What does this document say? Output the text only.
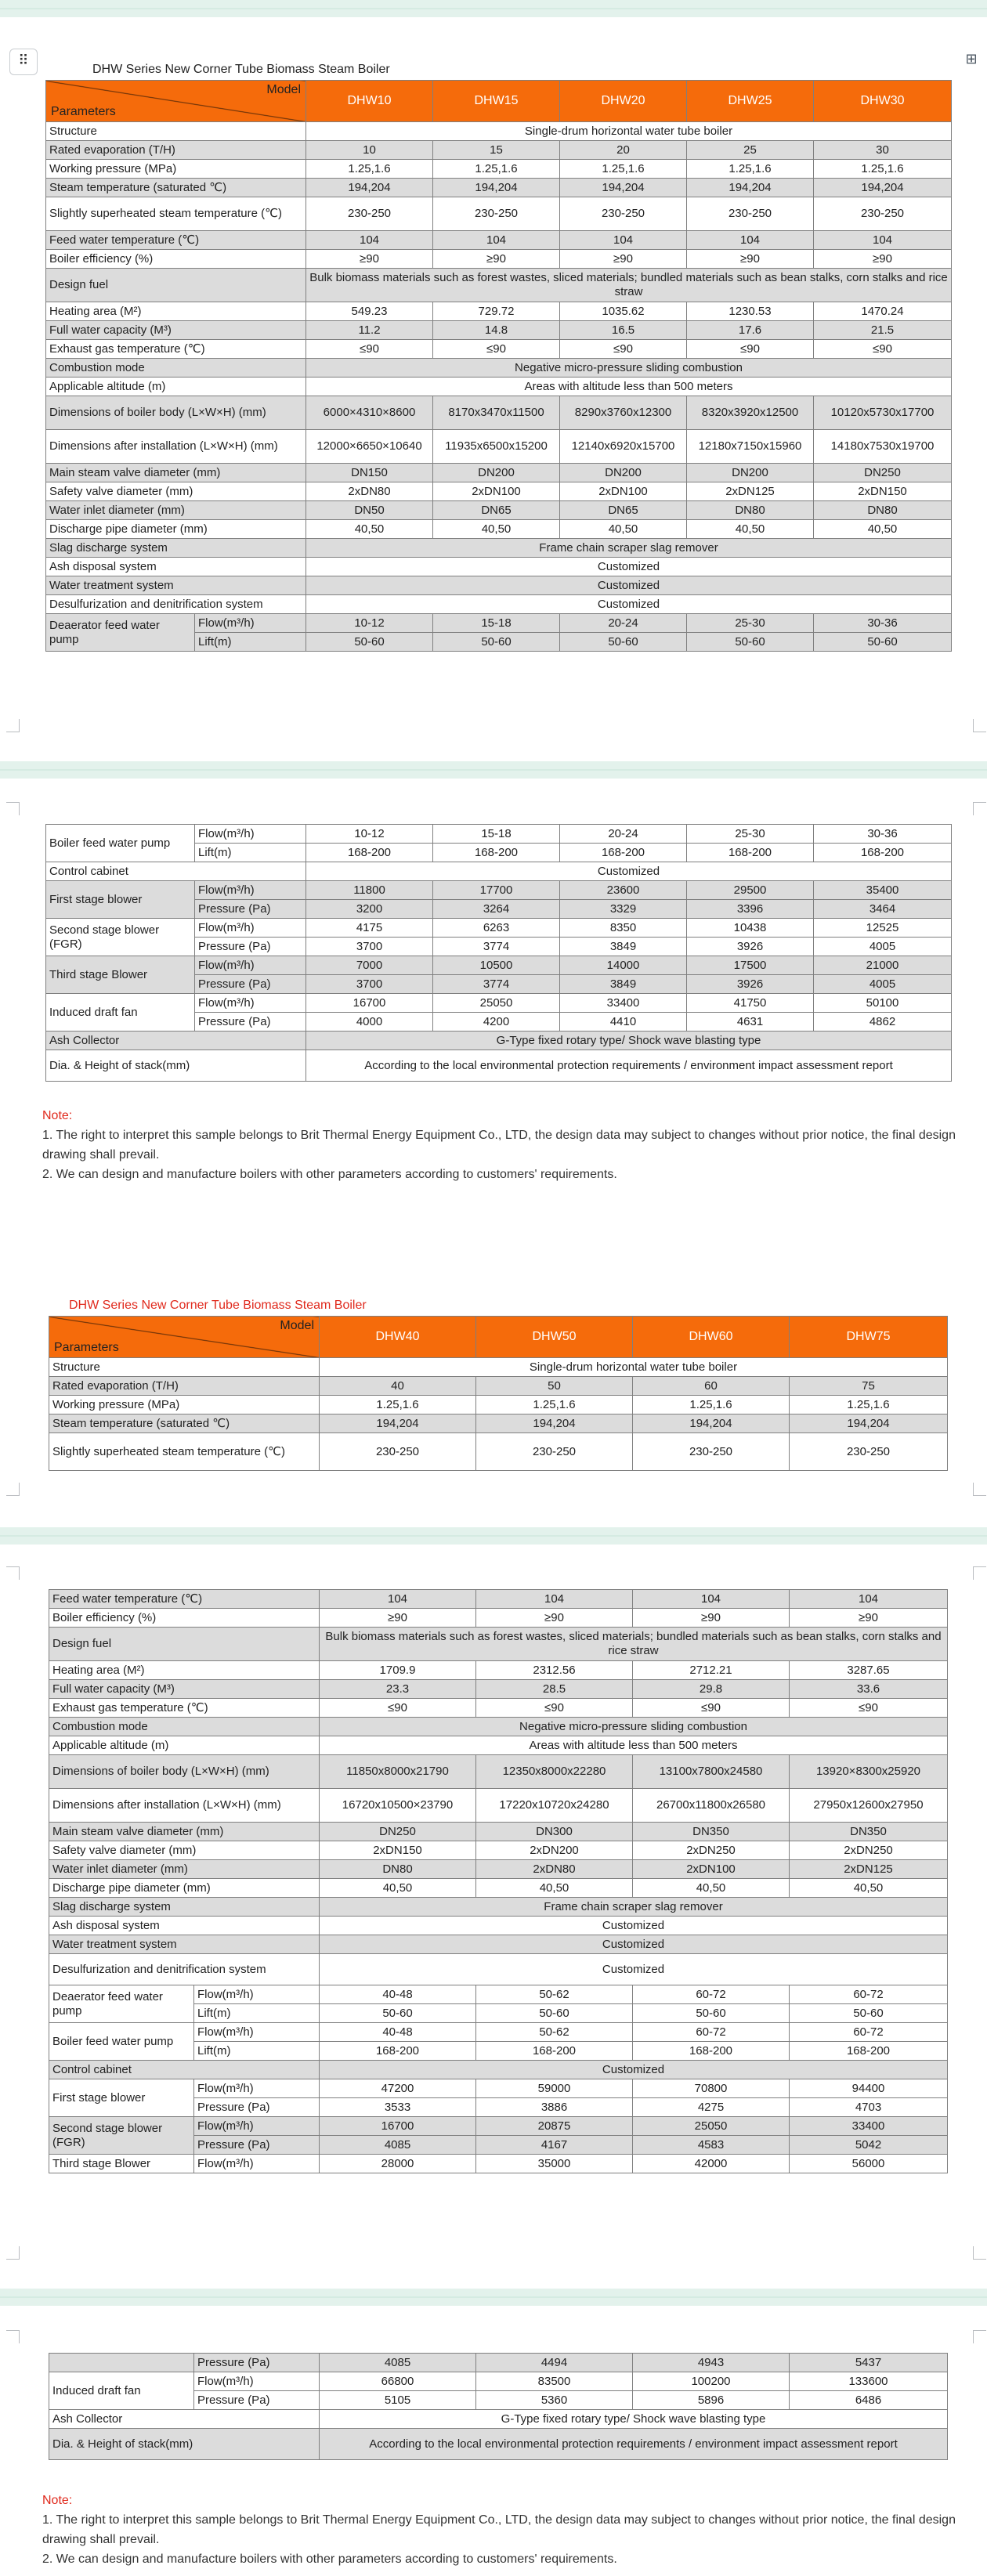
⠿	⊞
DHW Series New Corner Tube Biomass Steam Boiler
Model
Parameters		DHW10	DHW15	DHW20	DHW25	DHW30
Structure		Single-drum horizontal water tube boiler				
Rated evaporation (T/H)		10	15	20	25	30
Working pressure (MPa)		1.25,1.6	1.25,1.6	1.25,1.6	1.25,1.6	1.25,1.6
Steam temperature (saturated ℃)		194,204	194,204	194,204	194,204	194,204
Slightly superheated steam temperature (℃)		230-250	230-250	230-250	230-250	230-250
Feed water temperature (℃)		104	104	104	104	104
Boiler efficiency (%)		≥90	≥90	≥90	≥90	≥90
Design fuel		Bulk biomass materials such as forest wastes, sliced materials; bundled materials such as bean stalks, corn stalks and rice straw				
Heating area (M²)		549.23	729.72	1035.62	1230.53	1470.24
Full water capacity (M³)		11.2	14.8	16.5	17.6	21.5
Exhaust gas temperature (℃)		≤90	≤90	≤90	≤90	≤90
Combustion mode		Negative micro-pressure sliding combustion				
Applicable altitude (m)		Areas with altitude less than 500 meters				
Dimensions of boiler body (L×W×H) (mm)		6000×4310×8600	8170x3470x11500	8290x3760x12300	8320x3920x12500	10120x5730x17700
Dimensions after installation (L×W×H) (mm)		12000×6650×10640	11935x6500x15200	12140x6920x15700	12180x7150x15960	14180x7530x19700
Main steam valve diameter (mm)		DN150	DN200	DN200	DN200	DN250
Safety valve diameter (mm)		2xDN80	2xDN100	2xDN100	2xDN125	2xDN150
Water inlet diameter (mm)		DN50	DN65	DN65	DN80	DN80
Discharge pipe diameter (mm)		40,50	40,50	40,50	40,50	40,50
Slag discharge system		Frame chain scraper slag remover				
Ash disposal system		Customized				
Water treatment system		Customized				
Desulfurization and denitrification system		Customized				
Deaerator feed water pump	Flow(m³/h)	10-12	15-18	20-24	25-30	30-36
	Lift(m)	50-60	50-60	50-60	50-60	50-60
Boiler feed water pump	Flow(m³/h)	10-12	15-18	20-24	25-30	30-36
	Lift(m)	168-200	168-200	168-200	168-200	168-200
Control cabinet		Customized				
First stage blower	Flow(m³/h)	11800	17700	23600	29500	35400
	Pressure (Pa)	3200	3264	3329	3396	3464
Second stage blower (FGR)	Flow(m³/h)	4175	6263	8350	10438	12525
	Pressure (Pa)	3700	3774	3849	3926	4005
Third stage Blower	Flow(m³/h)	7000	10500	14000	17500	21000
	Pressure (Pa)	3700	3774	3849	3926	4005
Induced draft fan	Flow(m³/h)	16700	25050	33400	41750	50100
	Pressure (Pa)	4000	4200	4410	4631	4862
Ash Collector		G-Type fixed rotary type/ Shock wave blasting type				
Dia. & Height of stack(mm)		According to the local environmental protection requirements / environment impact assessment report				
Note:
1. The right to interpret this sample belongs to Brit Thermal Energy Equipment Co., LTD, the design data may subject to changes without prior notice, the final design drawing shall prevail.
2. We can design and manufacture boilers with other parameters according to customers' requirements.
DHW Series New Corner Tube Biomass Steam Boiler
Model
Parameters	DHW40	DHW50	DHW60	DHW75
Structure	Single-drum horizontal water tube boiler			
Rated evaporation (T/H)	40	50	60	75
Working pressure (MPa)	1.25,1.6	1.25,1.6	1.25,1.6	1.25,1.6
Steam temperature (saturated ℃)	194,204	194,204	194,204	194,204
Slightly superheated steam temperature (℃)	230-250	230-250	230-250	230-250
Feed water temperature (℃)		104	104	104	104
Boiler efficiency (%)		≥90	≥90	≥90	≥90
Design fuel		Bulk biomass materials such as forest wastes, sliced materials; bundled materials such as bean stalks, corn stalks and rice straw			
Heating area (M²)		1709.9	2312.56	2712.21	3287.65
Full water capacity (M³)		23.3	28.5	29.8	33.6
Exhaust gas temperature (℃)		≤90	≤90	≤90	≤90
Combustion mode		Negative micro-pressure sliding combustion			
Applicable altitude (m)		Areas with altitude less than 500 meters			
Dimensions of boiler body (L×W×H) (mm)		11850x8000x21790	12350x8000x22280	13100x7800x24580	13920×8300x25920
Dimensions after installation (L×W×H) (mm)		16720x10500×23790	17220x10720x24280	26700x11800x26580	27950x12600x27950
Main steam valve diameter (mm)		DN250	DN300	DN350	DN350
Safety valve diameter (mm)		2xDN150	2xDN200	2xDN250	2xDN250
Water inlet diameter (mm)		DN80	2xDN80	2xDN100	2xDN125
Discharge pipe diameter (mm)		40,50	40,50	40,50	40,50
Slag discharge system		Frame chain scraper slag remover			
Ash disposal system		Customized			
Water treatment system		Customized			
Desulfurization and denitrification system		Customized			
Deaerator feed water pump	Flow(m³/h)	40-48	50-62	60-72	60-72
	Lift(m)	50-60	50-60	50-60	50-60
Boiler feed water pump	Flow(m³/h)	40-48	50-62	60-72	60-72
	Lift(m)	168-200	168-200	168-200	168-200
Control cabinet		Customized			
First stage blower	Flow(m³/h)	47200	59000	70800	94400
	Pressure (Pa)	3533	3886	4275	4703
Second stage blower (FGR)	Flow(m³/h)	16700	20875	25050	33400
	Pressure (Pa)	4085	4167	4583	5042
Third stage Blower	Flow(m³/h)	28000	35000	42000	56000
	Pressure (Pa)	4085	4494	4943	5437
Induced draft fan	Flow(m³/h)	66800	83500	100200	133600
	Pressure (Pa)	5105	5360	5896	6486
Ash Collector		G-Type fixed rotary type/ Shock wave blasting type			
Dia. & Height of stack(mm)		According to the local environmental protection requirements / environment impact assessment report			
Note:
1. The right to interpret this sample belongs to Brit Thermal Energy Equipment Co., LTD, the design data may subject to changes without prior notice, the final design drawing shall prevail.
2. We can design and manufacture boilers with other parameters according to customers' requirements.
